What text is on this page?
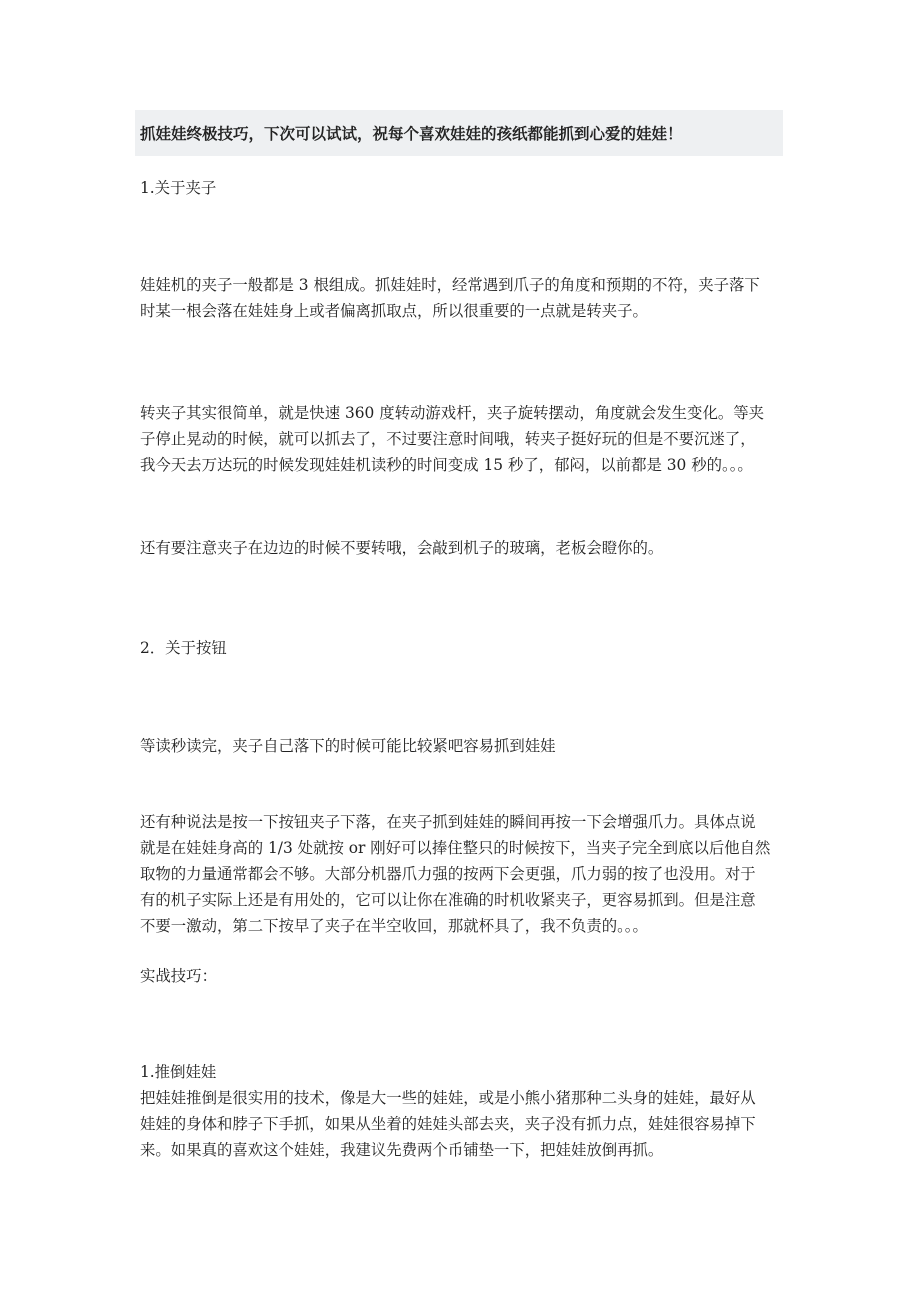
抓娃娃终极技巧，下次可以试试，祝每个喜欢娃娃的孩纸都能抓到心爱的娃娃！
1.关于夹子
娃娃机的夹子一般都是 3 根组成。抓娃娃时，经常遇到爪子的角度和预期的不符，夹子落下
时某一根会落在娃娃身上或者偏离抓取点，所以很重要的一点就是转夹子。
转夹子其实很简单，就是快速 360 度转动游戏杆，夹子旋转摆动，角度就会发生变化。等夹
子停止晃动的时候，就可以抓去了，不过要注意时间哦，转夹子挺好玩的但是不要沉迷了，
我今天去万达玩的时候发现娃娃机读秒的时间变成 15 秒了，郁闷，以前都是 30 秒的。。。
还有要注意夹子在边边的时候不要转哦，会敲到机子的玻璃，老板会瞪你的。
2．关于按钮
等读秒读完，夹子自己落下的时候可能比较紧吧容易抓到娃娃
还有种说法是按一下按钮夹子下落，在夹子抓到娃娃的瞬间再按一下会增强爪力。具体点说
就是在娃娃身高的 1/3 处就按 or 刚好可以捧住整只的时候按下，当夹子完全到底以后他自然
取物的力量通常都会不够。大部分机器爪力强的按两下会更强，爪力弱的按了也没用。对于
有的机子实际上还是有用处的，它可以让你在准确的时机收紧夹子，更容易抓到。但是注意
不要一激动，第二下按早了夹子在半空收回，那就杯具了，我不负责的。。。
实战技巧：
1.推倒娃娃
把娃娃推倒是很实用的技术，像是大一些的娃娃，或是小熊小猪那种二头身的娃娃，最好从
娃娃的身体和脖子下手抓，如果从坐着的娃娃头部去夹，夹子没有抓力点，娃娃很容易掉下
来。如果真的喜欢这个娃娃，我建议先费两个币铺垫一下，把娃娃放倒再抓。
